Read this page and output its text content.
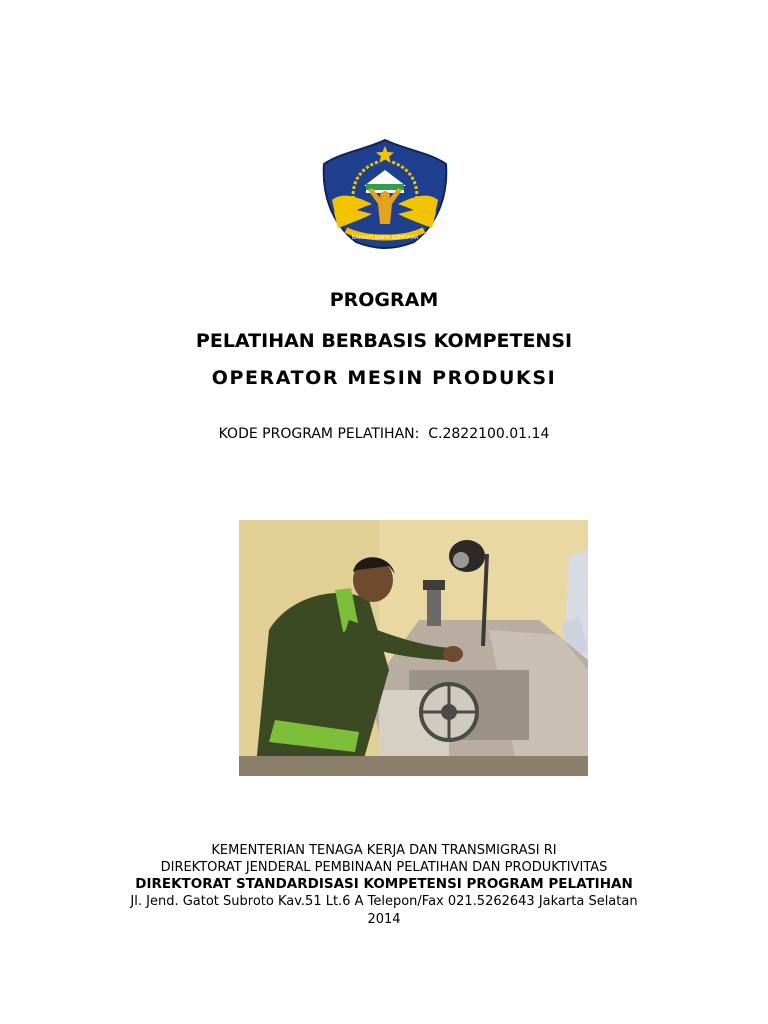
BAKARTI KARYA ADHITAMA
PROGRAM
PELATIHAN BERBASIS KOMPETENSI
OPERATOR MESIN PRODUKSI
KODE PROGRAM PELATIHAN: C.2822100.01.14
KEMENTERIAN TENAGA KERJA DAN TRANSMIGRASI RI
DIREKTORAT JENDERAL PEMBINAAN PELATIHAN DAN PRODUKTIVITAS
DIREKTORAT STANDARDISASI KOMPETENSI PROGRAM PELATIHAN
Jl. Jend. Gatot Subroto Kav.51 Lt.6 A Telepon/Fax 021.5262643 Jakarta Selatan
2014
